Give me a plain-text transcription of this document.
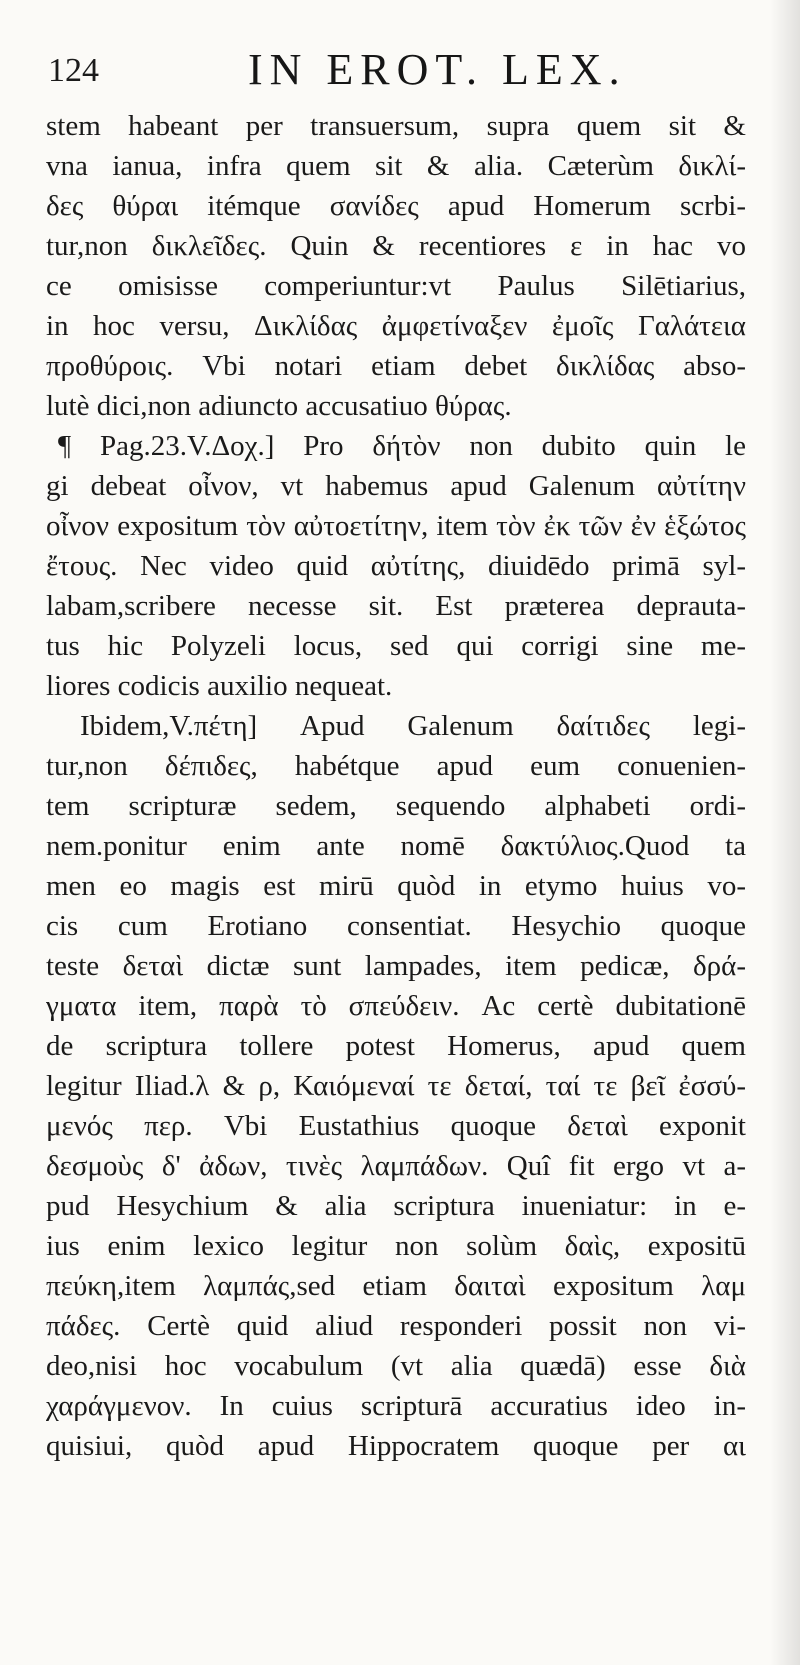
124	IN EROT. LEX.
stem habeant per transuersum, supra quem sit &
vna ianua, infra quem sit & alia. Cæterùm δικλί-
δες θύραι itémque σανίδες apud Homerum scrbi-
tur,non δικλεῖδες. Quin & recentiores ε in hac vo
ce omisisse comperiuntur:vt Paulus Silētiarius,
in hoc versu, Δικλίδας ἀμφετίναξεν ἐμοῖς Γαλάτεια
προθύροις. Vbi notari etiam debet δικλίδας abso-
lutè dici,non adiuncto accusatiuo θύρας.
¶ Pag.23.V.Δοχ.] Pro δήτὸν non dubito quin le
gi debeat οἶνον, vt habemus apud Galenum αὐτίτην
οἶνον expositum τὸν αὐτοετίτην, item τὸν ἐκ τῶν ἐν ἑξώτος
ἔτους. Nec video quid αὐτίτης, diuidēdo primā syl-
labam,scribere necesse sit. Est præterea deprauta-
tus hic Polyzeli locus, sed qui corrigi sine me-
liores codicis auxilio nequeat.
Ibidem,V.πέτη] Apud Galenum δαίτιδες legi-
tur,non δέπιδες, habétque apud eum conuenien-
tem scripturæ sedem, sequendo alphabeti ordi-
nem.ponitur enim ante nomē δακτύλιος.Quod ta
men eo magis est mirū quòd in etymo huius vo-
cis cum Erotiano consentiat. Hesychio quoque
teste δεταὶ dictæ sunt lampades, item pedicæ, δρά-
γματα item, παρὰ τὸ σπεύδειν. Ac certè dubitationē
de scriptura tollere potest Homerus, apud quem
legitur Iliad.λ & ρ, Καιόμεναί τε δεταί, ταί τε βεῖ ἐσσύ-
μενός περ. Vbi Eustathius quoque δεταὶ exponit
δεσμοὺς δ' ἀδων, τινὲς λαμπάδων. Quî fit ergo vt a-
pud Hesychium & alia scriptura inueniatur: in e-
ius enim lexico legitur non solùm δαὶς, expositū
πεύκη,item λαμπάς,sed etiam δαιταὶ expositum λαμ
πάδες. Certè quid aliud responderi possit non vi-
deo,nisi hoc vocabulum (vt alia quædā) esse διὰ
χαράγμενον. In cuius scripturā accuratius ideo in-
quisiui, quòd apud Hippocratem quoque per αι
